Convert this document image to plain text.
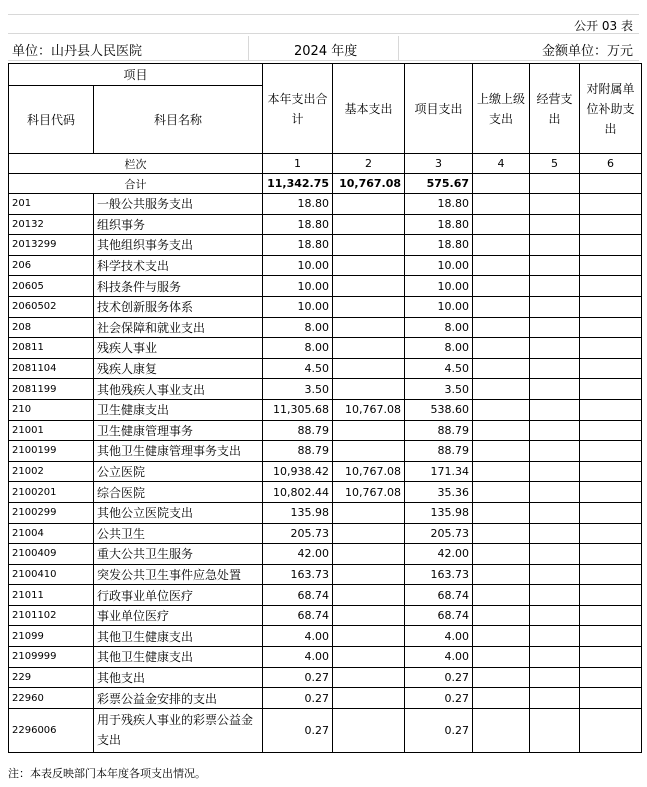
公开 03 表
单位：山丹县人民医院	2024 年度	金额单位：万元
项目		本年支出合计	基本支出	项目支出	上缴上级支出	经营支出	对附属单位补助支出
科目代码	科目名称						
栏次		1	2	3	4	5	6
合计		11,342.75	10,767.08	575.67			
201	一般公共服务支出	18.80		18.80			
20132	组织事务	18.80		18.80			
2013299	其他组织事务支出	18.80		18.80			
206	科学技术支出	10.00		10.00			
20605	科技条件与服务	10.00		10.00			
2060502	技术创新服务体系	10.00		10.00			
208	社会保障和就业支出	8.00		8.00			
20811	残疾人事业	8.00		8.00			
2081104	残疾人康复	4.50		4.50			
2081199	其他残疾人事业支出	3.50		3.50			
210	卫生健康支出	11,305.68	10,767.08	538.60			
21001	卫生健康管理事务	88.79		88.79			
2100199	其他卫生健康管理事务支出	88.79		88.79			
21002	公立医院	10,938.42	10,767.08	171.34			
2100201	综合医院	10,802.44	10,767.08	35.36			
2100299	其他公立医院支出	135.98		135.98			
21004	公共卫生	205.73		205.73			
2100409	重大公共卫生服务	42.00		42.00			
2100410	突发公共卫生事件应急处置	163.73		163.73			
21011	行政事业单位医疗	68.74		68.74			
2101102	事业单位医疗	68.74		68.74			
21099	其他卫生健康支出	4.00		4.00			
2109999	其他卫生健康支出	4.00		4.00			
229	其他支出	0.27		0.27			
22960	彩票公益金安排的支出	0.27		0.27			
2296006	用于残疾人事业的彩票公益金支出	0.27		0.27			
注：本表反映部门本年度各项支出情况。
